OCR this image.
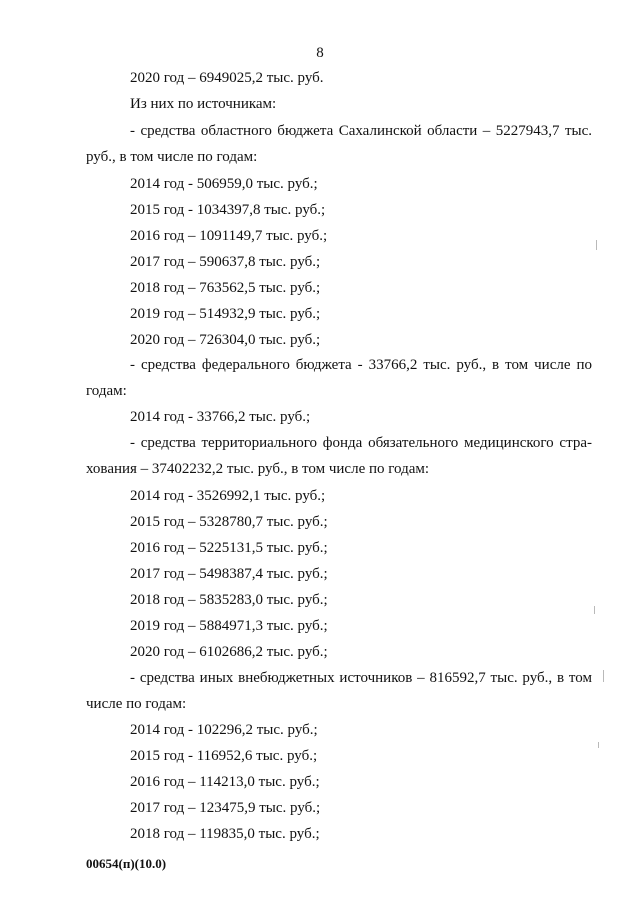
8
2020 год – 6949025,2 тыс. руб.
Из них по источникам:
- средства областного бюджета Сахалинской области – 5227943,7 тыс.
руб., в том числе по годам:
2014 год - 506959,0 тыс. руб.;
2015 год - 1034397,8 тыс. руб.;
2016 год – 1091149,7 тыс. руб.;
2017 год – 590637,8 тыс. руб.;
2018 год – 763562,5 тыс. руб.;
2019 год – 514932,9 тыс. руб.;
2020 год – 726304,0 тыс. руб.;
- средства федерального бюджета - 33766,2 тыс. руб., в том числе по
годам:
2014 год - 33766,2 тыс. руб.;
- средства территориального фонда обязательного медицинского стра-
хования – 37402232,2 тыс. руб., в том числе по годам:
2014 год - 3526992,1 тыс. руб.;
2015 год – 5328780,7 тыс. руб.;
2016 год – 5225131,5 тыс. руб.;
2017 год – 5498387,4 тыс. руб.;
2018 год – 5835283,0 тыс. руб.;
2019 год – 5884971,3 тыс. руб.;
2020 год – 6102686,2 тыс. руб.;
- средства иных внебюджетных источников – 816592,7 тыс. руб., в том
числе по годам:
2014 год - 102296,2 тыс. руб.;
2015 год - 116952,6 тыс. руб.;
2016 год – 114213,0 тыс. руб.;
2017 год – 123475,9 тыс. руб.;
2018 год – 119835,0 тыс. руб.;
00654(п)(10.0)
